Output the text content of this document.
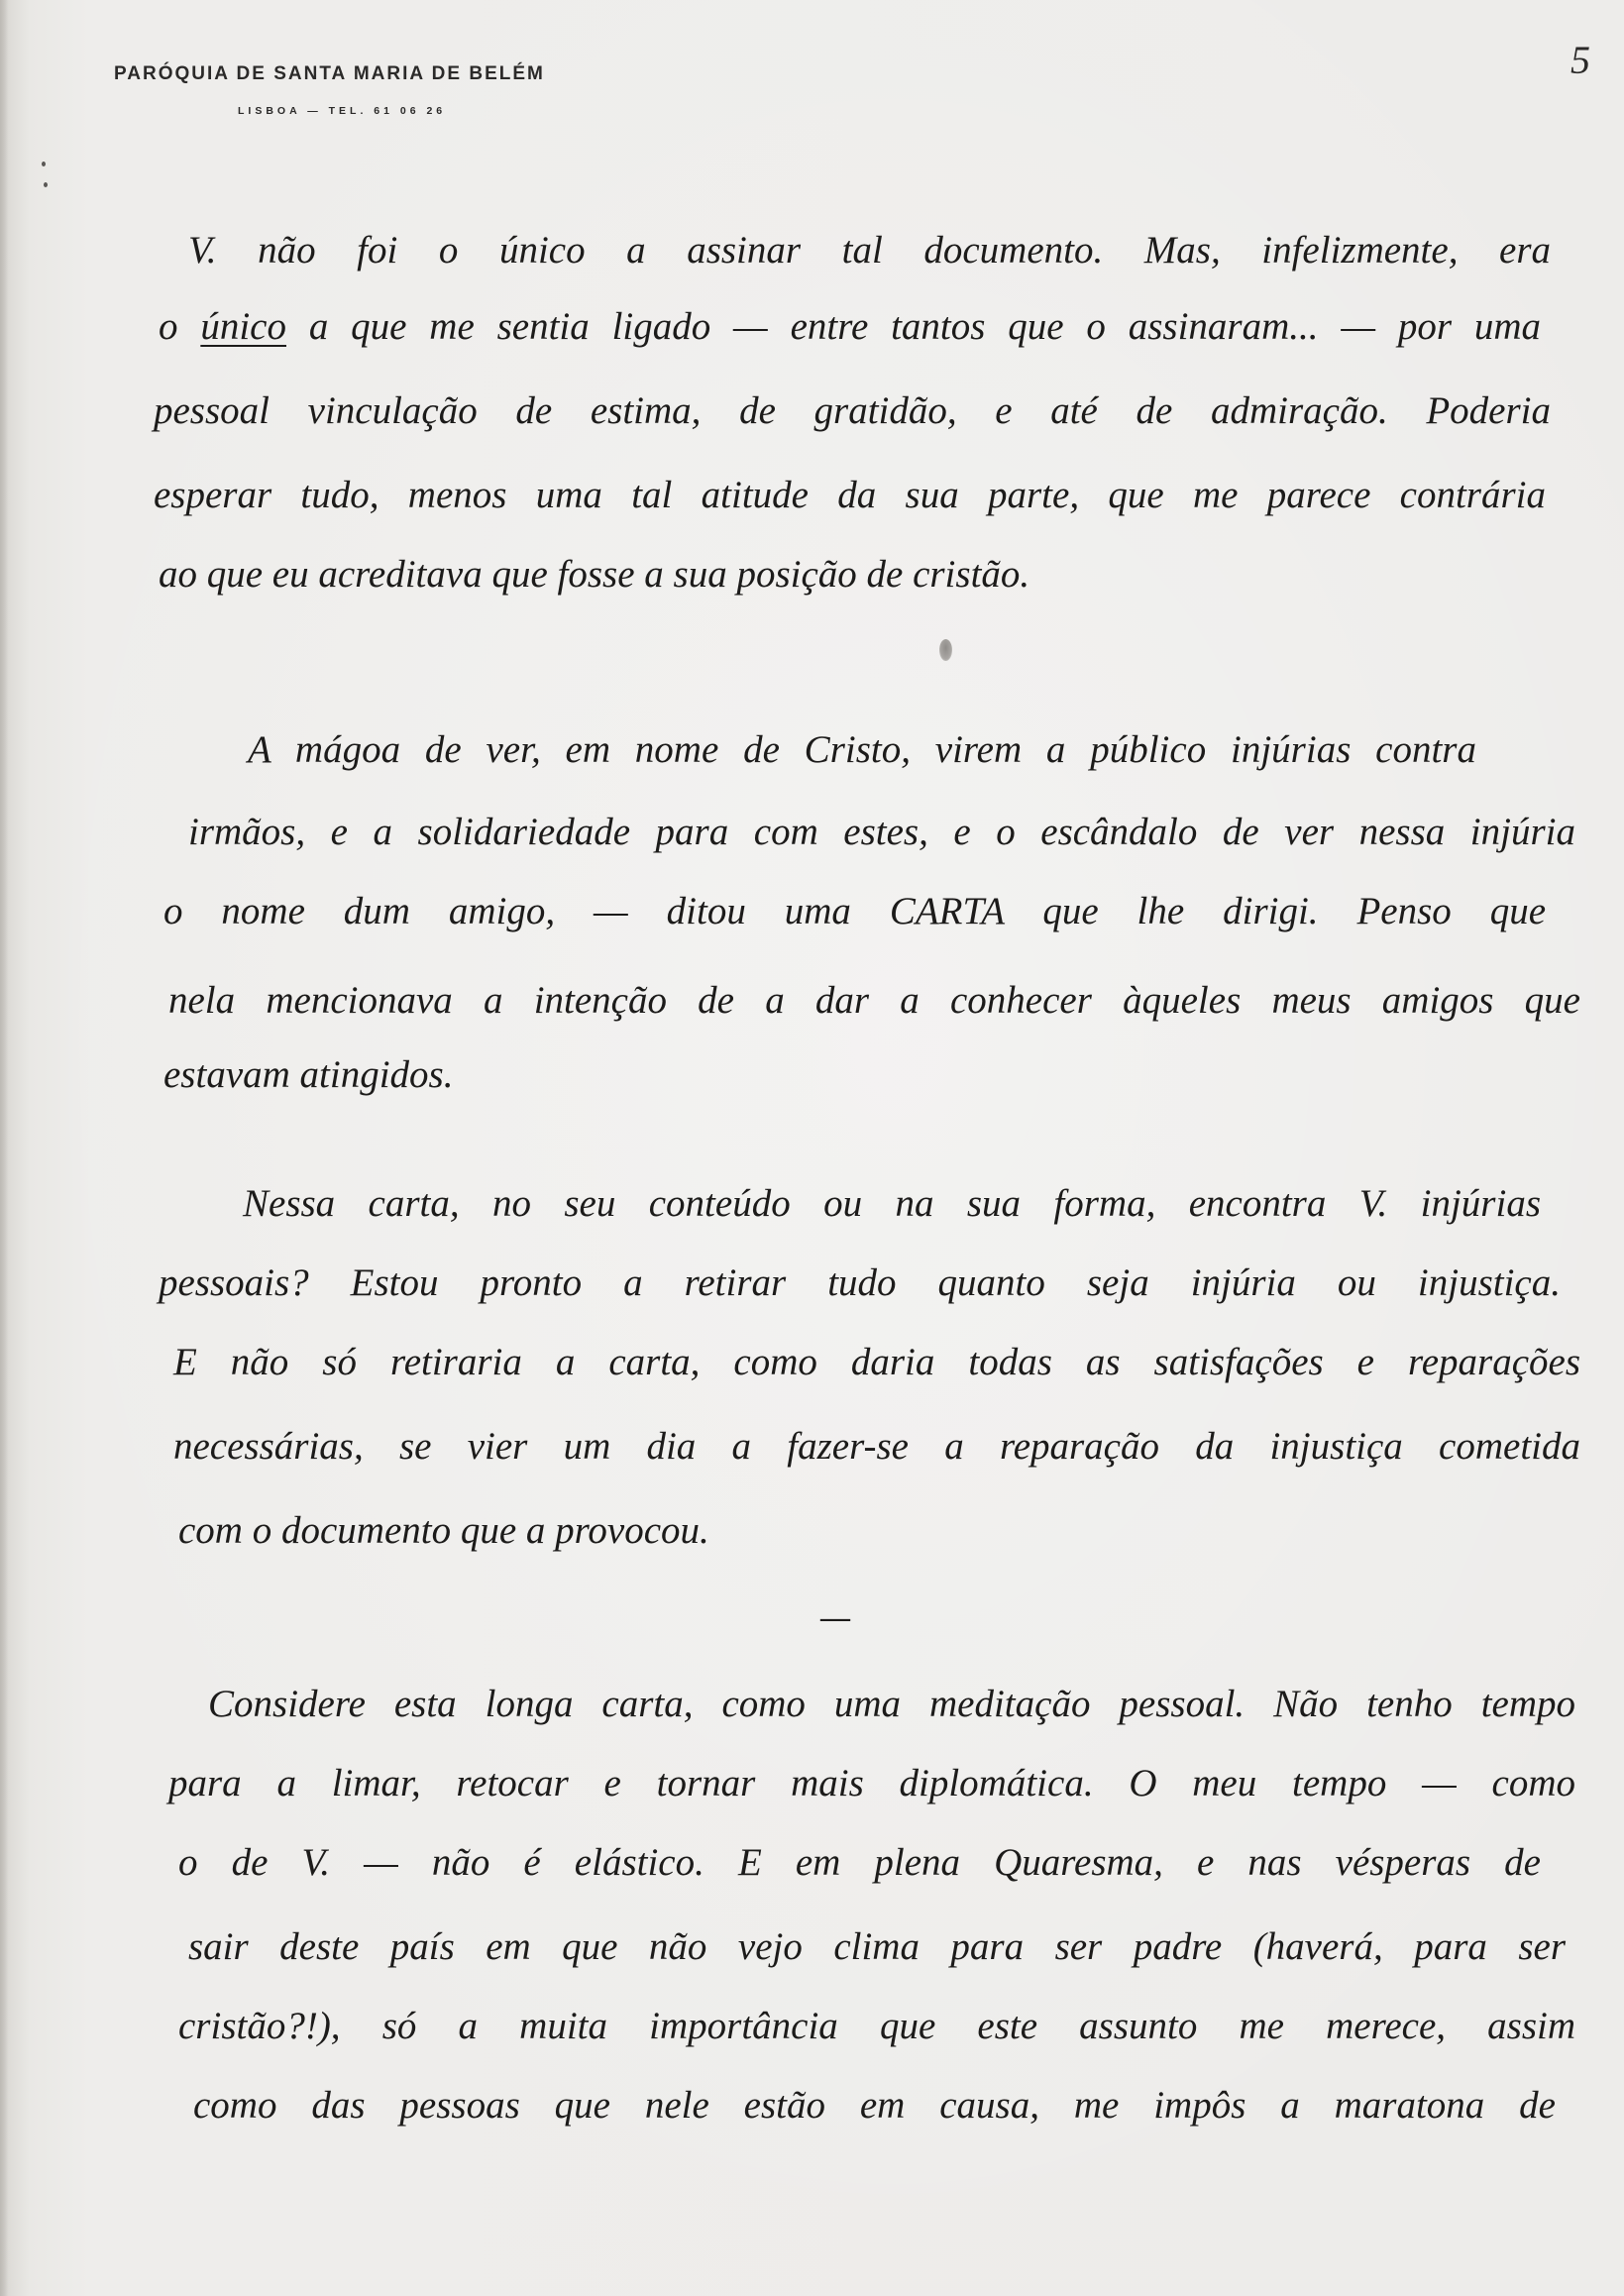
PARÓQUIA DE SANTA MARIA DE BELÉM
LISBOA — TEL. 61 06 26
5
V. não foi o único a assinar tal documento. Mas, infelizmente, era
o único a que me sentia ligado — entre tantos que o assinaram... — por uma
pessoal vinculação de estima, de gratidão, e até de admiração. Poderia
esperar tudo, menos uma tal atitude da sua parte, que me parece contrária
ao que eu acreditava que fosse a sua posição de cristão.
A mágoa de ver, em nome de Cristo, virem a público injúrias contra
irmãos, e a solidariedade para com estes, e o escândalo de ver nessa injúria
o nome dum amigo, — ditou uma CARTA que lhe dirigi. Penso que
nela mencionava a intenção de a dar a conhecer àqueles meus amigos que
estavam atingidos.
Nessa carta, no seu conteúdo ou na sua forma, encontra V. injúrias
pessoais? Estou pronto a retirar tudo quanto seja injúria ou injustiça.
E não só retiraria a carta, como daria todas as satisfações e reparações
necessárias, se vier um dia a fazer-se a reparação da injustiça cometida
com o documento que a provocou.
—
Considere esta longa carta, como uma meditação pessoal. Não tenho tempo
para a limar, retocar e tornar mais diplomática. O meu tempo — como
o de V. — não é elástico. E em plena Quaresma, e nas vésperas de
sair deste país em que não vejo clima para ser padre (haverá, para ser
cristão?!), só a muita importância que este assunto me merece, assim
como das pessoas que nele estão em causa, me impôs a maratona de
